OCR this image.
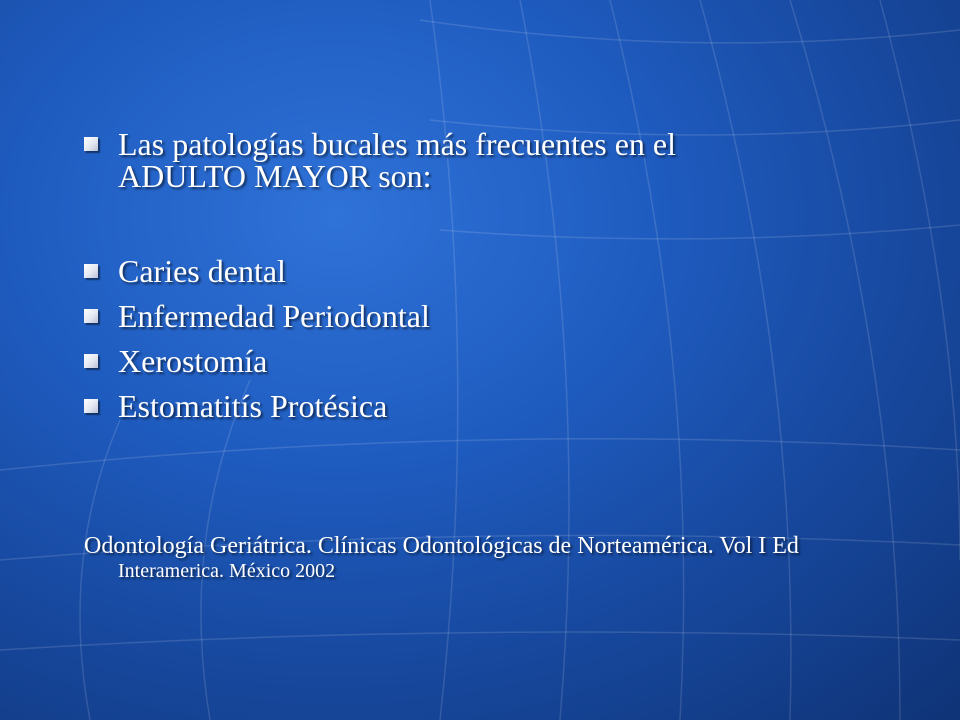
Las patologías bucales más frecuentes en el
ADULTO MAYOR son:
Caries dental
Enfermedad Periodontal
Xerostomía
Estomatitís Protésica
Odontología Geriátrica. Clínicas Odontológicas de Norteamérica. Vol I Ed
Interamerica. México 2002
